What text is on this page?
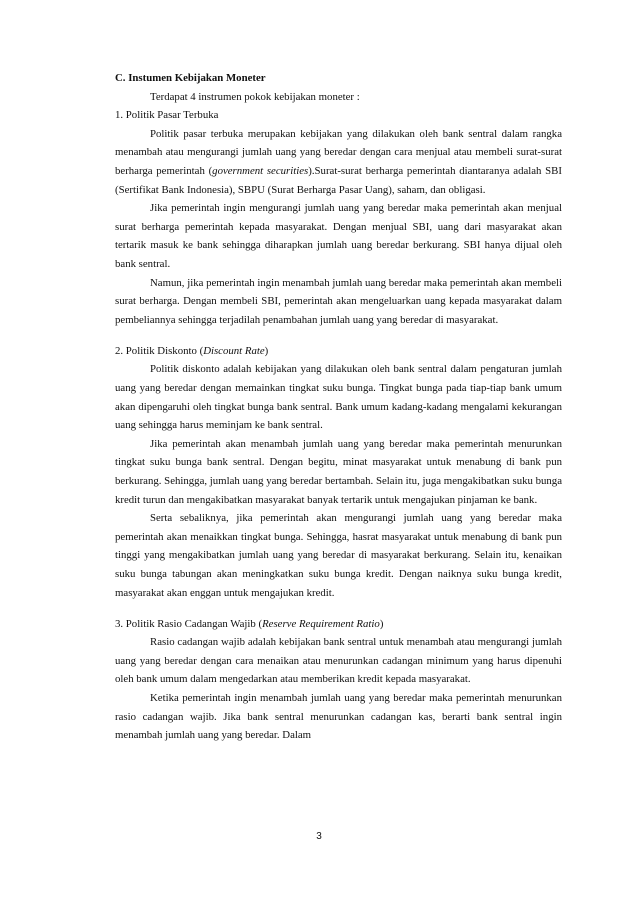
C. Instumen Kebijakan Moneter

Terdapat 4 instrumen pokok kebijakan moneter :

1. Politik Pasar Terbuka

Politik pasar terbuka merupakan kebijakan yang dilakukan oleh bank sentral dalam rangka menambah atau mengurangi jumlah uang yang beredar dengan cara menjual atau membeli surat-surat berharga pemerintah (government securities).Surat-surat berharga pemerintah diantaranya adalah SBI (Sertifikat Bank Indonesia), SBPU (Surat Berharga Pasar Uang), saham, dan obligasi.

Jika pemerintah ingin mengurangi jumlah uang yang beredar maka pemerintah akan menjual surat berharga pemerintah kepada masyarakat. Dengan menjual SBI, uang dari masyarakat akan tertarik masuk ke bank sehingga diharapkan jumlah uang beredar berkurang. SBI hanya dijual oleh bank sentral.

Namun, jika pemerintah ingin menambah jumlah uang beredar maka pemerintah akan membeli surat berharga. Dengan membeli SBI, pemerintah akan mengeluarkan uang kepada masyarakat dalam pembeliannya sehingga terjadilah penambahan jumlah uang yang beredar di masyarakat.

2. Politik Diskonto (Discount Rate)

Politik diskonto adalah kebijakan yang dilakukan oleh bank sentral dalam pengaturan jumlah uang yang beredar dengan memainkan tingkat suku bunga. Tingkat bunga pada tiap-tiap bank umum akan dipengaruhi oleh tingkat bunga bank sentral. Bank umum kadang-kadang mengalami kekurangan uang sehingga harus meminjam ke bank sentral.

Jika pemerintah akan menambah jumlah uang yang beredar maka pemerintah menurunkan tingkat suku bunga bank sentral. Dengan begitu, minat masyarakat untuk menabung di bank pun berkurang. Sehingga, jumlah uang yang beredar bertambah. Selain itu, juga mengakibatkan suku bunga kredit turun dan mengakibatkan masyarakat banyak tertarik untuk mengajukan pinjaman ke bank.

Serta sebaliknya, jika pemerintah akan mengurangi jumlah uang yang beredar maka pemerintah akan menaikkan tingkat bunga. Sehingga, hasrat masyarakat untuk menabung di bank pun tinggi yang mengakibatkan jumlah uang yang beredar di masyarakat berkurang. Selain itu, kenaikan suku bunga tabungan akan meningkatkan suku bunga kredit. Dengan naiknya suku bunga kredit, masyarakat akan enggan untuk mengajukan kredit.

3. Politik Rasio Cadangan Wajib (Reserve Requirement Ratio)

Rasio cadangan wajib adalah kebijakan bank sentral untuk menambah atau mengurangi jumlah uang yang beredar dengan cara menaikan atau menurunkan cadangan minimum yang harus dipenuhi oleh bank umum dalam mengedarkan atau memberikan kredit kepada masyarakat.

Ketika pemerintah ingin menambah jumlah uang yang beredar maka pemerintah menurunkan rasio cadangan wajib. Jika bank sentral menurunkan cadangan kas, berarti bank sentral ingin menambah jumlah uang yang beredar. Dalam

3
